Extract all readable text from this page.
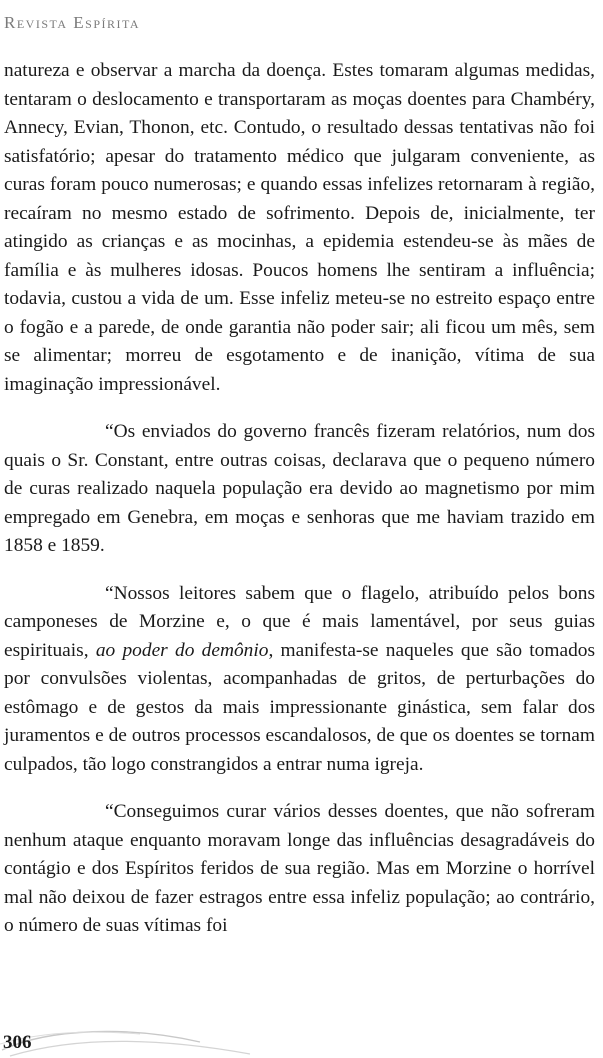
Revista Espírita

natureza e observar a marcha da doença. Estes tomaram algumas medidas, tentaram o deslocamento e transportaram as moças doentes para Chambéry, Annecy, Evian, Thonon, etc. Contudo, o resultado dessas tentativas não foi satisfatório; apesar do tratamento médico que julgaram conveniente, as curas foram pouco numerosas; e quando essas infelizes retornaram à região, recaíram no mesmo estado de sofrimento. Depois de, inicialmente, ter atingido as crianças e as mocinhas, a epidemia estendeu-se às mães de família e às mulheres idosas. Poucos homens lhe sentiram a influência; todavia, custou a vida de um. Esse infeliz meteu-se no estreito espaço entre o fogão e a parede, de onde garantia não poder sair; ali ficou um mês, sem se alimentar; morreu de esgotamento e de inanição, vítima de sua imaginação impressionável.

“Os enviados do governo francês fizeram relatórios, num dos quais o Sr. Constant, entre outras coisas, declarava que o pequeno número de curas realizado naquela população era devido ao magnetismo por mim empregado em Genebra, em moças e senhoras que me haviam trazido em 1858 e 1859.

“Nossos leitores sabem que o flagelo, atribuído pelos bons camponeses de Morzine e, o que é mais lamentável, por seus guias espirituais, ao poder do demônio, manifesta-se naqueles que são tomados por convulsões violentas, acompanhadas de gritos, de perturbações do estômago e de gestos da mais impressionante ginástica, sem falar dos juramentos e de outros processos escandalosos, de que os doentes se tornam culpados, tão logo constrangidos a entrar numa igreja.

“Conseguimos curar vários desses doentes, que não sofreram nenhum ataque enquanto moravam longe das influências desagradáveis do contágio e dos Espíritos feridos de sua região. Mas em Morzine o horrível mal não deixou de fazer estragos entre essa infeliz população; ao contrário, o número de suas vítimas foi

306
